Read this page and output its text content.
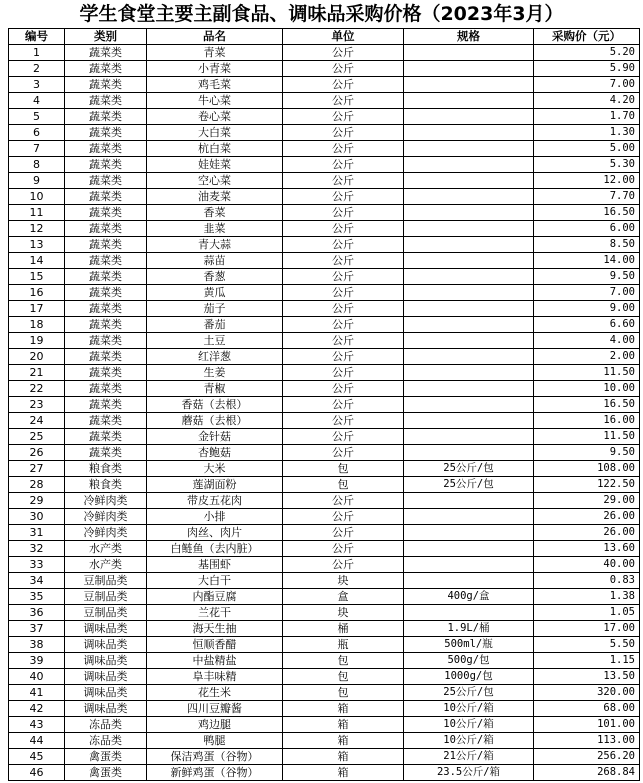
学生食堂主要主副食品、调味品采购价格（2023年3月）
编号	类别	品名	单位	规格	采购价（元）
1	蔬菜类	青菜	公斤		5.20
2	蔬菜类	小青菜	公斤		5.90
3	蔬菜类	鸡毛菜	公斤		7.00
4	蔬菜类	牛心菜	公斤		4.20
5	蔬菜类	卷心菜	公斤		1.70
6	蔬菜类	大白菜	公斤		1.30
7	蔬菜类	杭白菜	公斤		5.00
8	蔬菜类	娃娃菜	公斤		5.30
9	蔬菜类	空心菜	公斤		12.00
10	蔬菜类	油麦菜	公斤		7.70
11	蔬菜类	香菜	公斤		16.50
12	蔬菜类	韭菜	公斤		6.00
13	蔬菜类	青大蒜	公斤		8.50
14	蔬菜类	蒜苗	公斤		14.00
15	蔬菜类	香葱	公斤		9.50
16	蔬菜类	黄瓜	公斤		7.00
17	蔬菜类	茄子	公斤		9.00
18	蔬菜类	番茄	公斤		6.60
19	蔬菜类	土豆	公斤		4.00
20	蔬菜类	红洋葱	公斤		2.00
21	蔬菜类	生姜	公斤		11.50
22	蔬菜类	青椒	公斤		10.00
23	蔬菜类	香菇（去根）	公斤		16.50
24	蔬菜类	蘑菇（去根）	公斤		16.00
25	蔬菜类	金针菇	公斤		11.50
26	蔬菜类	杏鲍菇	公斤		9.50
27	粮食类	大米	包	25公斤/包	108.00
28	粮食类	莲湖面粉	包	25公斤/包	122.50
29	冷鲜肉类	带皮五花肉	公斤		29.00
30	冷鲜肉类	小排	公斤		26.00
31	冷鲜肉类	肉丝、肉片	公斤		26.00
32	水产类	白鲢鱼（去内脏）	公斤		13.60
33	水产类	基围虾	公斤		40.00
34	豆制品类	大白干	块		0.83
35	豆制品类	内酯豆腐	盒	400g/盒	1.38
36	豆制品类	兰花干	块		1.05
37	调味品类	海天生抽	桶	1.9L/桶	17.00
38	调味品类	恒顺香醋	瓶	500ml/瓶	5.50
39	调味品类	中盐精盐	包	500g/包	1.15
40	调味品类	阜丰味精	包	1000g/包	13.50
41	调味品类	花生米	包	25公斤/包	320.00
42	调味品类	四川豆瓣酱	箱	10公斤/箱	68.00
43	冻品类	鸡边腿	箱	10公斤/箱	101.00
44	冻品类	鸭腿	箱	10公斤/箱	113.00
45	禽蛋类	保洁鸡蛋（谷物）	箱	21公斤/箱	256.20
46	禽蛋类	新鲜鸡蛋（谷物）	箱	23.5公斤/箱	268.84
